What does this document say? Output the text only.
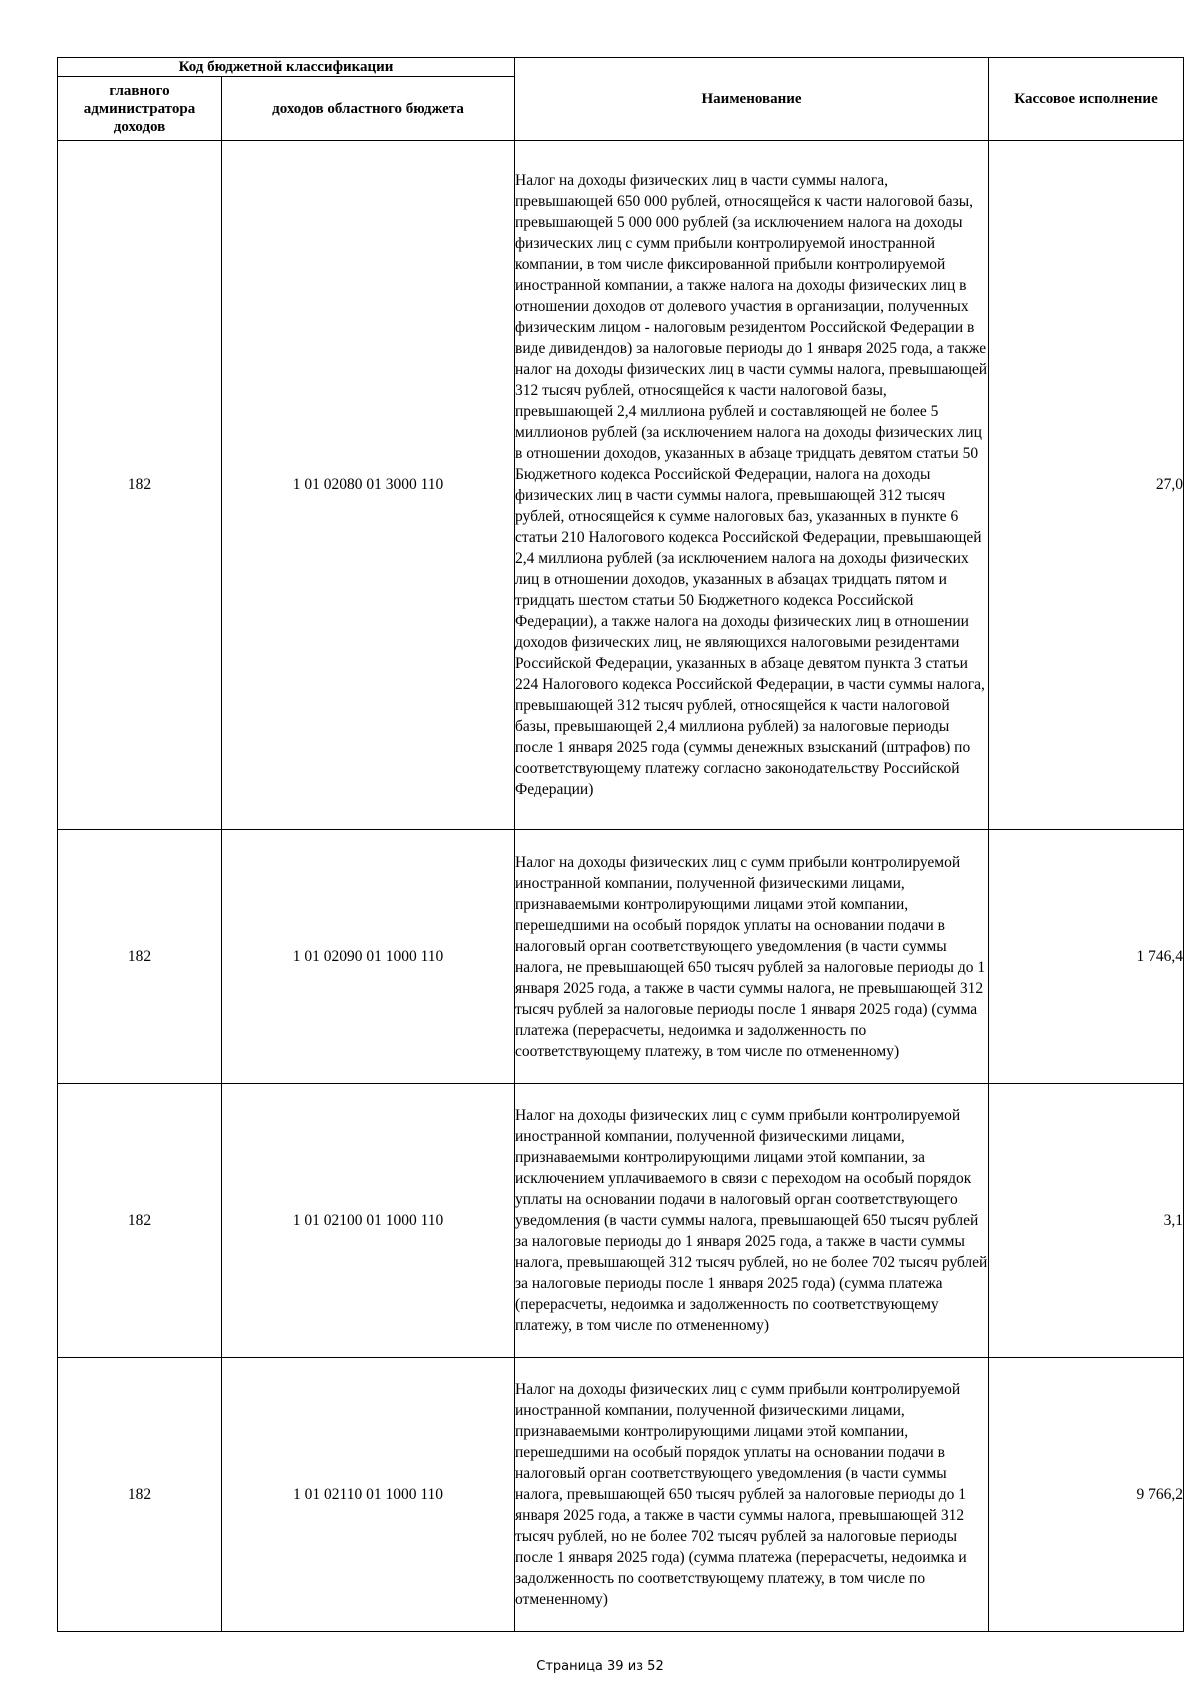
Код бюджетной классификации		Наименование	Кассовое исполнение
главного администратора доходов	доходов областного бюджета		
182	1 01 02080 01 3000 110	Налог на доходы физических лиц в части суммы налога, превышающей 650 000 рублей, относящейся к части налоговой базы, превышающей 5 000 000 рублей (за исключением налога на доходы физических лиц с сумм прибыли контролируемой иностранной компании, в том числе фиксированной прибыли контролируемой иностранной компании, а также налога на доходы физических лиц в отношении доходов от долевого участия в организации, полученных физическим лицом - налоговым резидентом Российской Федерации в виде дивидендов) за налоговые периоды до 1 января 2025 года, а также налог на доходы физических лиц в части суммы налога, превышающей 312 тысяч рублей, относящейся к части налоговой базы, превышающей 2,4 миллиона рублей и составляющей не более 5 миллионов рублей (за исключением налога на доходы физических лиц в отношении доходов, указанных в абзаце тридцать девятом статьи 50 Бюджетного кодекса Российской Федерации, налога на доходы физических лиц в части суммы налога, превышающей 312 тысяч рублей, относящейся к сумме налоговых баз, указанных в пункте 6 статьи 210 Налогового кодекса Российской Федерации, превышающей 2,4 миллиона рублей (за исключением налога на доходы физических лиц в отношении доходов, указанных в абзацах тридцать пятом и тридцать шестом статьи 50 Бюджетного кодекса Российской Федерации), а также налога на доходы физических лиц в отношении доходов физических лиц, не являющихся налоговыми резидентами Российской Федерации, указанных в абзаце девятом пункта 3 статьи 224 Налогового кодекса Российской Федерации, в части суммы налога, превышающей 312 тысяч рублей, относящейся к части налоговой базы, превышающей 2,4 миллиона рублей) за налоговые периоды после 1 января 2025 года (суммы денежных взысканий (штрафов) по соответствующему платежу согласно законодательству Российской Федерации)	27,0
182	1 01 02090 01 1000 110	Налог на доходы физических лиц с сумм прибыли контролируемой иностранной компании, полученной физическими лицами, признаваемыми контролирующими лицами этой компании, перешедшими на особый порядок уплаты на основании подачи в налоговый орган соответствующего уведомления (в части суммы налога, не превышающей 650 тысяч рублей за налоговые периоды до 1 января 2025 года, а также в части суммы налога, не превышающей 312 тысяч рублей за налоговые периоды после 1 января 2025 года) (сумма платежа (перерасчеты, недоимка и задолженность по соответствующему платежу, в том числе по отмененному)	1 746,4
182	1 01 02100 01 1000 110	Налог на доходы физических лиц с сумм прибыли контролируемой иностранной компании, полученной физическими лицами, признаваемыми контролирующими лицами этой компании, за исключением уплачиваемого в связи с переходом на особый порядок уплаты на основании подачи в налоговый орган соответствующего уведомления (в части суммы налога, превышающей 650 тысяч рублей за налоговые периоды до 1 января 2025 года, а также в части суммы налога, превышающей 312 тысяч рублей, но не более 702 тысяч рублей за налоговые периоды после 1 января 2025 года) (сумма платежа (перерасчеты, недоимка и задолженность по соответствующему платежу, в том числе по отмененному)	3,1
182	1 01 02110 01 1000 110	Налог на доходы физических лиц с сумм прибыли контролируемой иностранной компании, полученной физическими лицами, признаваемыми контролирующими лицами этой компании, перешедшими на особый порядок уплаты на основании подачи в налоговый орган соответствующего уведомления (в части суммы налога, превышающей 650 тысяч рублей за налоговые периоды до 1 января 2025 года, а также в части суммы налога, превышающей 312 тысяч рублей, но не более 702 тысяч рублей за налоговые периоды после 1 января 2025 года) (сумма платежа (перерасчеты, недоимка и задолженность по соответствующему платежу, в том числе по отмененному)	9 766,2
Страница 39 из 52
